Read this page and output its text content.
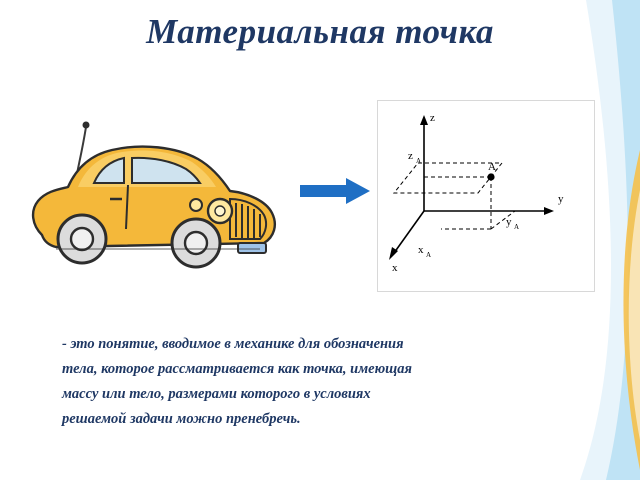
Материальная точка
z
z A	A
y
y A
x
x A
- это понятие, вводимое в механике для обозначения
тела, которое рассматривается как точка, имеющая
массу или тело, размерами которого в условиях
решаемой задачи можно пренебречь.
